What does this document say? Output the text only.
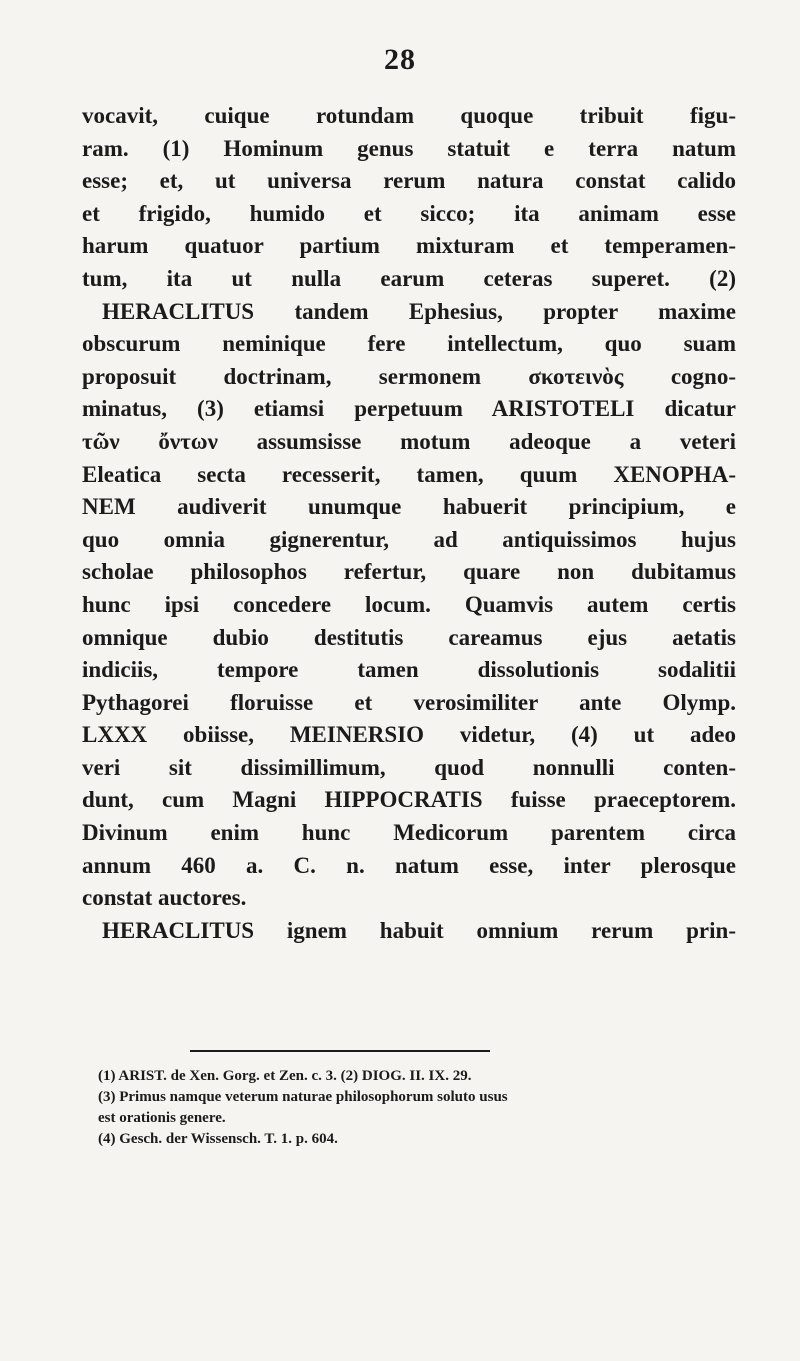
28
vocavit, cuique rotundam quoque tribuit figu-
ram. (1) Hominum genus statuit e terra natum
esse; et, ut universa rerum natura constat calido
et frigido, humido et sicco; ita animam esse
harum quatuor partium mixturam et temperamen-
tum, ita ut nulla earum ceteras superet. (2)
HERACLITUS tandem Ephesius, propter maxime
obscurum neminique fere intellectum, quo suam
proposuit doctrinam, sermonem σκοτεινὸς cogno-
minatus, (3) etiamsi perpetuum ARISTOTELI dicatur
τῶν ὄντων assumsisse motum adeoque a veteri
Eleatica secta recesserit, tamen, quum XENOPHA-
NEM audiverit unumque habuerit principium, e
quo omnia gignerentur, ad antiquissimos hujus
scholae philosophos refertur, quare non dubitamus
hunc ipsi concedere locum. Quamvis autem certis
omnique dubio destitutis careamus ejus aetatis
indiciis, tempore tamen dissolutionis sodalitii
Pythagorei floruisse et verosimiliter ante Olymp.
LXXX obiisse, MEINERSIO videtur, (4) ut adeo
veri sit dissimillimum, quod nonnulli conten-
dunt, cum Magni HIPPOCRATIS fuisse praeceptorem.
Divinum enim hunc Medicorum parentem circa
annum 460 a. C. n. natum esse, inter plerosque
constat auctores.
HERACLITUS ignem habuit omnium rerum prin-
(1) ARIST. de Xen. Gorg. et Zen. c. 3. (2) DIOG. II. IX. 29.
(3) Primus namque veterum naturae philosophorum soluto usus
est orationis genere.
(4) Gesch. der Wissensch. T. 1. p. 604.
